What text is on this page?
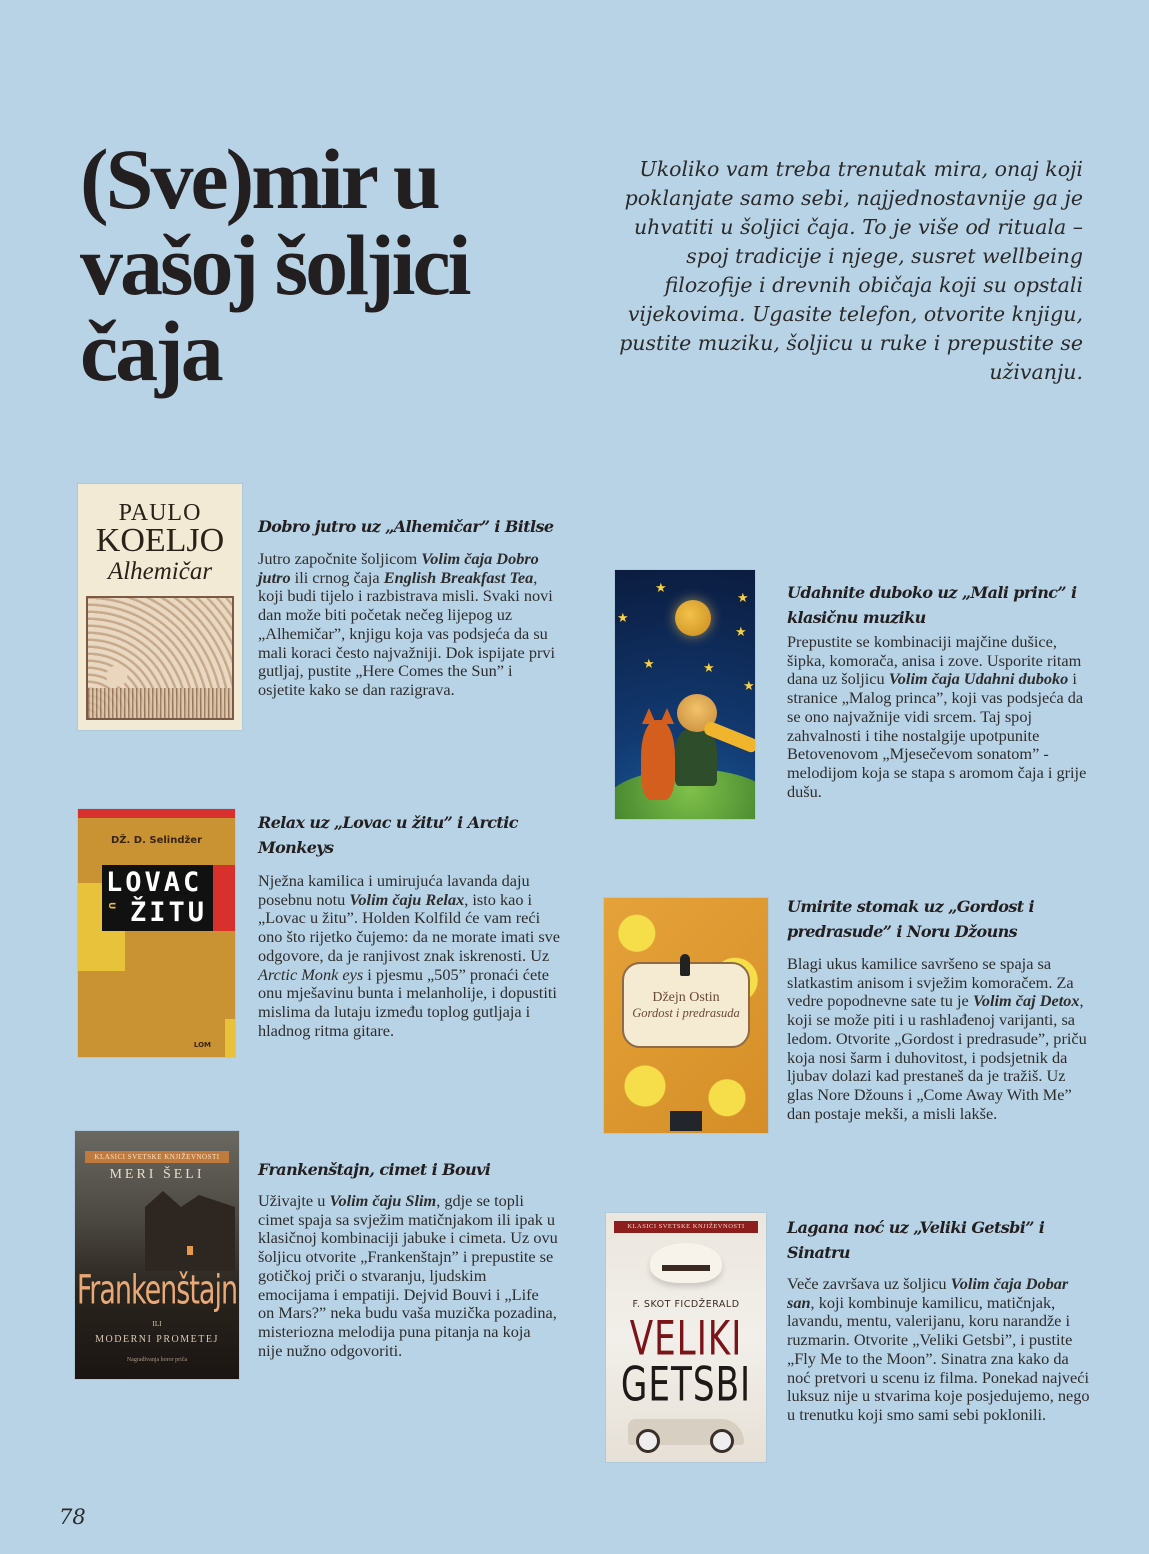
(Sve)mir u
vašoj šoljici
čaja

Ukoliko vam treba trenutak mira, onaj koji poklanjate samo sebi, najjednostavnije ga je uhvatiti u šoljici čaja. To je više od rituala – spoj tradicije i njege, susret wellbeing filozofije i drevnih običaja koji su opstali vijekovima. Ugasite telefon, otvorite knjigu, pustite muziku, šoljicu u ruke i prepustite se uživanju.

PAULO
KOELJO
Alhemičar
Dobro jutro uz „Alhemičar” i Bitlse
Jutro započnite šoljicom Volim čaja Dobro jutro ili crnog čaja English Breakfast Tea, koji budi tijelo i razbistrava misli. Svaki novi dan može biti početak nečeg lijepog uz „Alhemičar”, knjigu koja vas podsjeća da su mali koraci često najvažniji. Dok ispijate prvi gutljaj, pustite „Here Comes the Sun” i osjetite kako se dan razigrava.
DŽ. D. Selindžer
LOVAC
U ŽITU
LOM
Relax uz „Lovac u žitu” i Arctic Monkeys
Nježna kamilica i umirujuća lavanda daju posebnu notu Volim čaju Relax, isto kao i „Lovac u žitu”. Holden Kolfild će vam reći ono što rijetko čujemo: da ne morate imati sve odgovore, da je ranjivost znak iskrenosti. Uz Arctic Monk eys i pjesmu „505” pronaći ćete onu mješavinu bunta i melanholije, i dopustiti mislima da lutaju između toplog gutljaja i hladnog ritma gitare.
KLASICI SVETSKE KNJIŽEVNOSTI
MERI ŠELI
Frankenštajn
ILI
MODERNI PROMETEJ
Nagrađivanja horor priča
Frankenštajn, cimet i Bouvi
Uživajte u Volim čaju Slim, gdje se topli cimet spaja sa svježim matičnjakom ili ipak u klasičnoj kombinaciji jabuke i cimeta. Uz ovu šoljicu otvorite „Frankenštajn” i prepustite se gotičkoj priči o stvaranju, ljudskim emocijama i empatiji. Dejvid Bouvi i „Life on Mars?” neka budu vaša muzička pozadina, misteriozna melodija puna pitanja na koja nije nužno odgovoriti.
★
★
★
★
★	★
★
Udahnite duboko uz „Mali princ” i klasičnu muziku
Prepustite se kombinaciji majčine dušice, šipka, komorača, anisa i zove. Usporite ritam dana uz šoljicu Volim čaja Udahni duboko i stranice „Malog princa”, koji vas podsjeća da se ono najvažnije vidi srcem. Taj spoj zahvalnosti i tihe nostalgije upotpunite Betovenovom „Mjesečevom sonatom” - melodijom koja se stapa s aromom čaja i grije dušu.
Džejn Ostin
Gordost i predrasuda
Umirite stomak uz „Gordost i predrasude” i Noru Džouns
Blagi ukus kamilice savršeno se spaja sa slatkastim anisom i svježim komoračem. Za vedre popodnevne sate tu je Volim čaj Detox, koji se može piti i u rashlađenoj varijanti, sa ledom. Otvorite „Gordost i predrasude”, priču koja nosi šarm i duhovitost, i podsjetnik da ljubav dolazi kad prestaneš da je tražiš. Uz glas Nore Džouns i „Come Away With Me” dan postaje mekši, a misli lakše.
KLASICI SVETSKE KNJIŽEVNOSTI
F. SKOT FICDŽERALD
VELIKI
GETSBI
Lagana noć uz „Veliki Getsbi” i Sinatru
Veče završava uz šoljicu Volim čaja Dobar san, koji kombinuje kamilicu, matičnjak, lavandu, mentu, valerijanu, koru narandže i ruzmarin. Otvorite „Veliki Getsbi”, i pustite „Fly Me to the Moon”. Sinatra zna kako da noć pretvori u scenu iz filma. Ponekad najveći luksuz nije u stvarima koje posjedujemo, nego u trenutku koji smo sami sebi poklonili.
78
